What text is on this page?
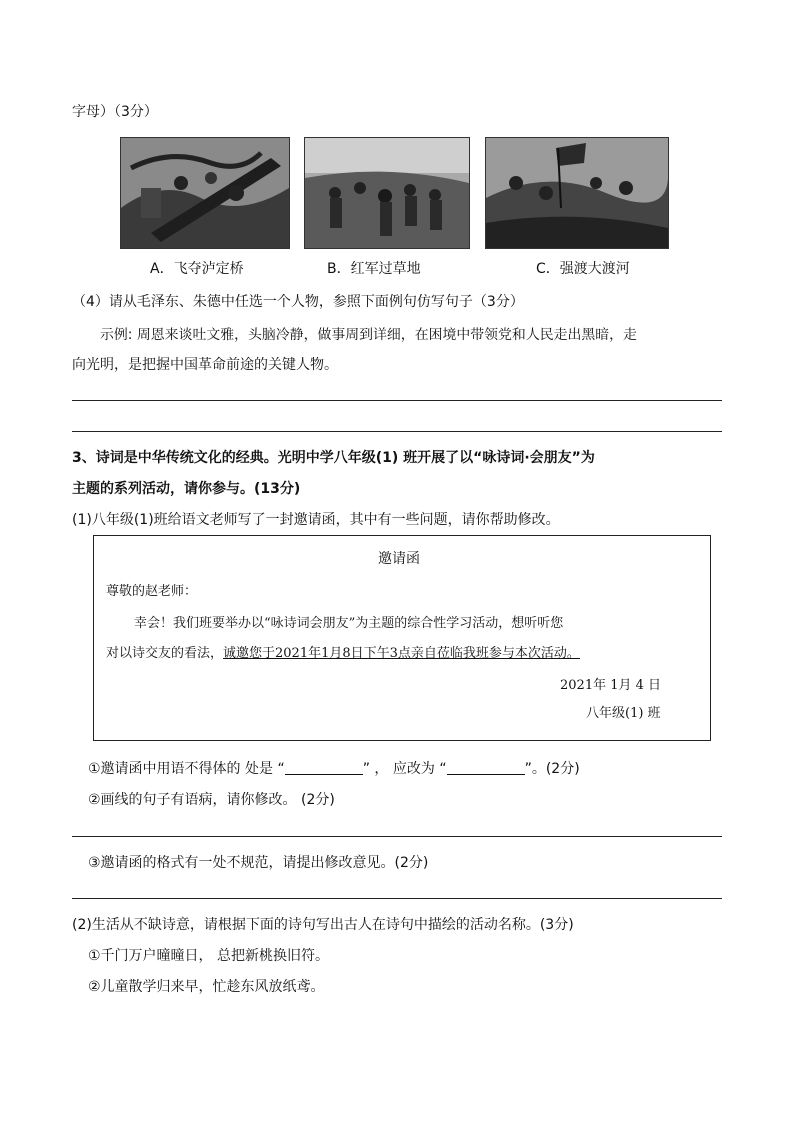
字母）（3分）
A．飞夺泸定桥	B．红军过草地	C．强渡大渡河
（4）请从毛泽东、朱德中任选一个人物，参照下面例句仿写句子（3分）
示例: 周恩来谈吐文雅，头脑冷静，做事周到详细，在困境中带领党和人民走出黑暗，走
向光明，是把握中国革命前途的关键人物。
3、诗词是中华传统文化的经典。光明中学八年级(1) 班开展了以“咏诗词·会朋友”为
主题的系列活动，请你参与。(13分)
(1)八年级(1)班给语文老师写了一封邀请函，其中有一些问题，请你帮助修改。
邀请函
尊敬的赵老师：
幸会！我们班要举办以“咏诗词会朋友”为主题的综合性学习活动，想听听您
对以诗交友的看法，诚邀您于2021年1月8日下午3点亲自莅临我班参与本次活动。
2021年 1月 4 日
八年级(1) 班
①邀请函中用语不得体的 处是 “	” ， 应改为 “	”。(2分)
②画线的句子有语病，请你修改。 (2分)
③邀请函的格式有一处不规范，请提出修改意见。(2分)
(2)生活从不缺诗意，请根据下面的诗句写出古人在诗句中描绘的活动名称。(3分)
①千门万户曈曈日， 总把新桃换旧符。
②儿童散学归来早，忙趁东风放纸鸢。
